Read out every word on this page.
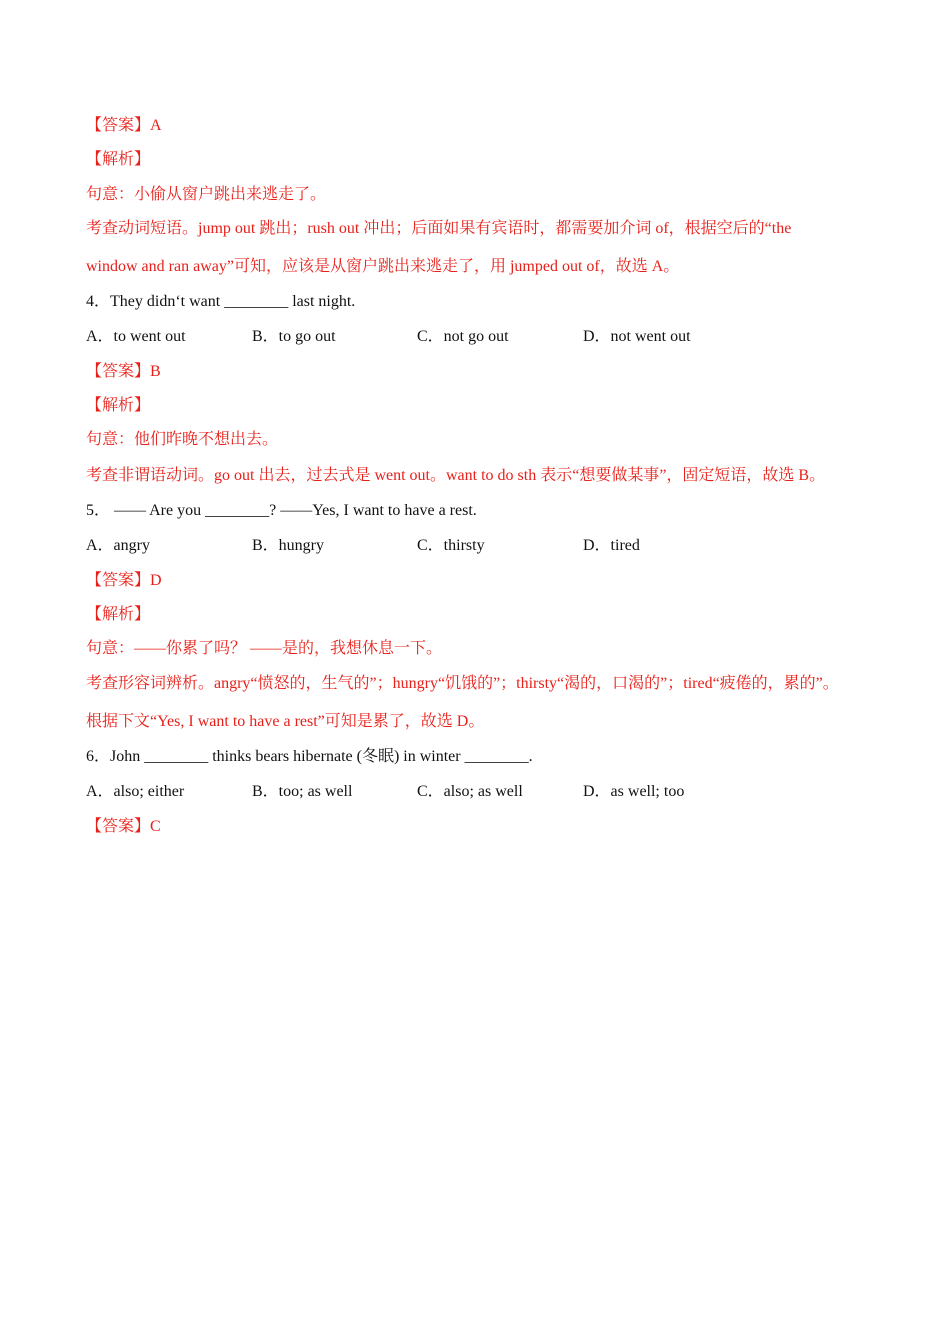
【答案】A
【解析】
句意：小偷从窗户跳出来逃走了。
考查动词短语。jump out 跳出；rush out 冲出；后面如果有宾语时，都需要加介词 of，根据空后的“the
window and ran away”可知，应该是从窗户跳出来逃走了，用 jumped out of，故选 A。
4．They didn‘t want ________ last night.
A．to went out	B．to go out	C．not go out	D．not went out
【答案】B
【解析】
句意：他们昨晚不想出去。
考查非谓语动词。go out 出去，过去式是 went out。want to do sth 表示“想要做某事”，固定短语，故选 B。
5． —— Are you ________? ——Yes, I want to have a rest.
A．angry	B．hungry	C．thirsty	D．tired
【答案】D
【解析】
句意：——你累了吗？ ——是的，我想休息一下。
考查形容词辨析。angry“愤怒的，生气的”；hungry“饥饿的”；thirsty“渴的，口渴的”；tired“疲倦的，累的”。
根据下文“Yes, I want to have a rest”可知是累了，故选 D。
6．John ________ thinks bears hibernate (冬眠) in winter ________.
A．also; either	B．too; as well	C．also; as well	D．as well; too
【答案】C
